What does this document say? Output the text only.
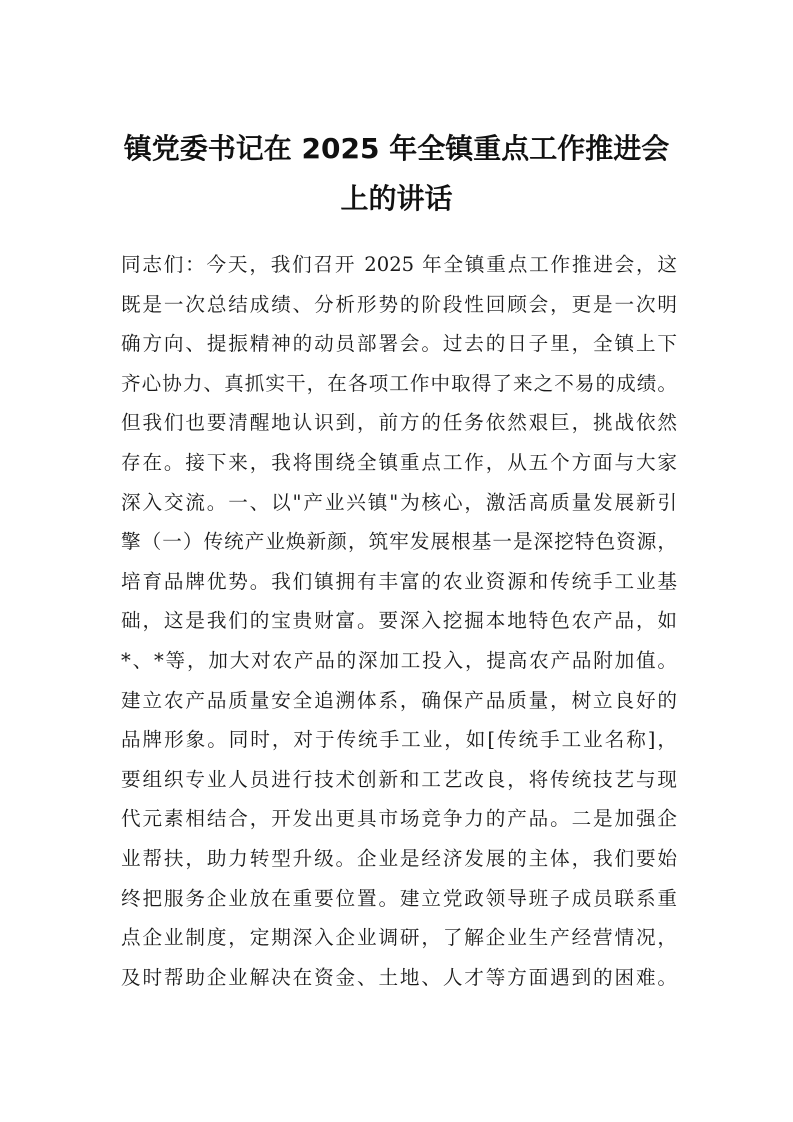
镇党委书记在 2025 年全镇重点工作推进会
上的讲话
同志们：今天，我们召开 2025 年全镇重点工作推进会，这
既是一次总结成绩、分析形势的阶段性回顾会，更是一次明
确方向、提振精神的动员部署会。过去的日子里，全镇上下
齐心协力、真抓实干，在各项工作中取得了来之不易的成绩。
但我们也要清醒地认识到，前方的任务依然艰巨，挑战依然
存在。接下来，我将围绕全镇重点工作，从五个方面与大家
深入交流。一、以"产业兴镇"为核心，激活高质量发展新引
擎（一）传统产业焕新颜，筑牢发展根基一是深挖特色资源，
培育品牌优势。我们镇拥有丰富的农业资源和传统手工业基
础，这是我们的宝贵财富。要深入挖掘本地特色农产品，如
*、*等，加大对农产品的深加工投入，提高农产品附加值。
建立农产品质量安全追溯体系，确保产品质量，树立良好的
品牌形象。同时，对于传统手工业，如[传统手工业名称]，
要组织专业人员进行技术创新和工艺改良，将传统技艺与现
代元素相结合，开发出更具市场竞争力的产品。二是加强企
业帮扶，助力转型升级。企业是经济发展的主体，我们要始
终把服务企业放在重要位置。建立党政领导班子成员联系重
点企业制度，定期深入企业调研，了解企业生产经营情况，
及时帮助企业解决在资金、土地、人才等方面遇到的困难。
